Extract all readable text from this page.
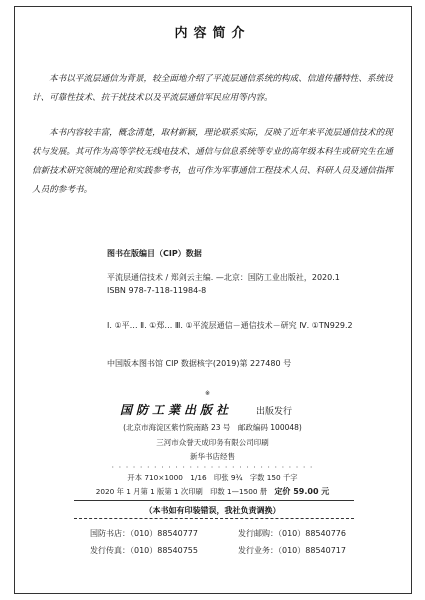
内容简介
本书以平流层通信为背景，较全面地介绍了平流层通信系统的构成、信道传播特性、系统设计、可靠性技术、抗干扰技术以及平流层通信军民应用等内容。
本书内容较丰富，概念清楚，取材新颖，理论联系实际，反映了近年来平流层通信技术的现状与发展。其可作为高等学校无线电技术、通信与信息系统等专业的高年级本科生或研究生在通信新技术研究领域的理论和实践参考书，也可作为军事通信工程技术人员、科研人员及通信指挥人员的参考书。
图书在版编目（CIP）数据
平流层通信技术 / 郑剑云主编. —北京：国防工业出版社，2020.1
ISBN 978-7-118-11984-8
Ⅰ. ①平… Ⅱ. ①郑… Ⅲ. ①平流层通信－通信技术－研究 Ⅳ. ①TN929.2
中国版本图书馆 CIP 数据核字(2019)第 227480 号
※
国防工業出版社	出版发行
(北京市海淀区紫竹院南路 23 号　邮政编码 100048)
三河市众誉天成印务有限公司印刷
新华书店经售
· · · · · · · · · · · · · · · · · · · · · · · · · · · · ·
开本 710×1000　1/16　印张 9¾　字数 150 千字
2020 年 1 月第 1 版第 1 次印刷　印数 1—1500 册　 定价 59.00 元
（本书如有印装错误，我社负责调换）
国防书店：（010）88540777	发行邮购：（010）88540776
发行传真：（010）88540755	发行业务：（010）88540717
